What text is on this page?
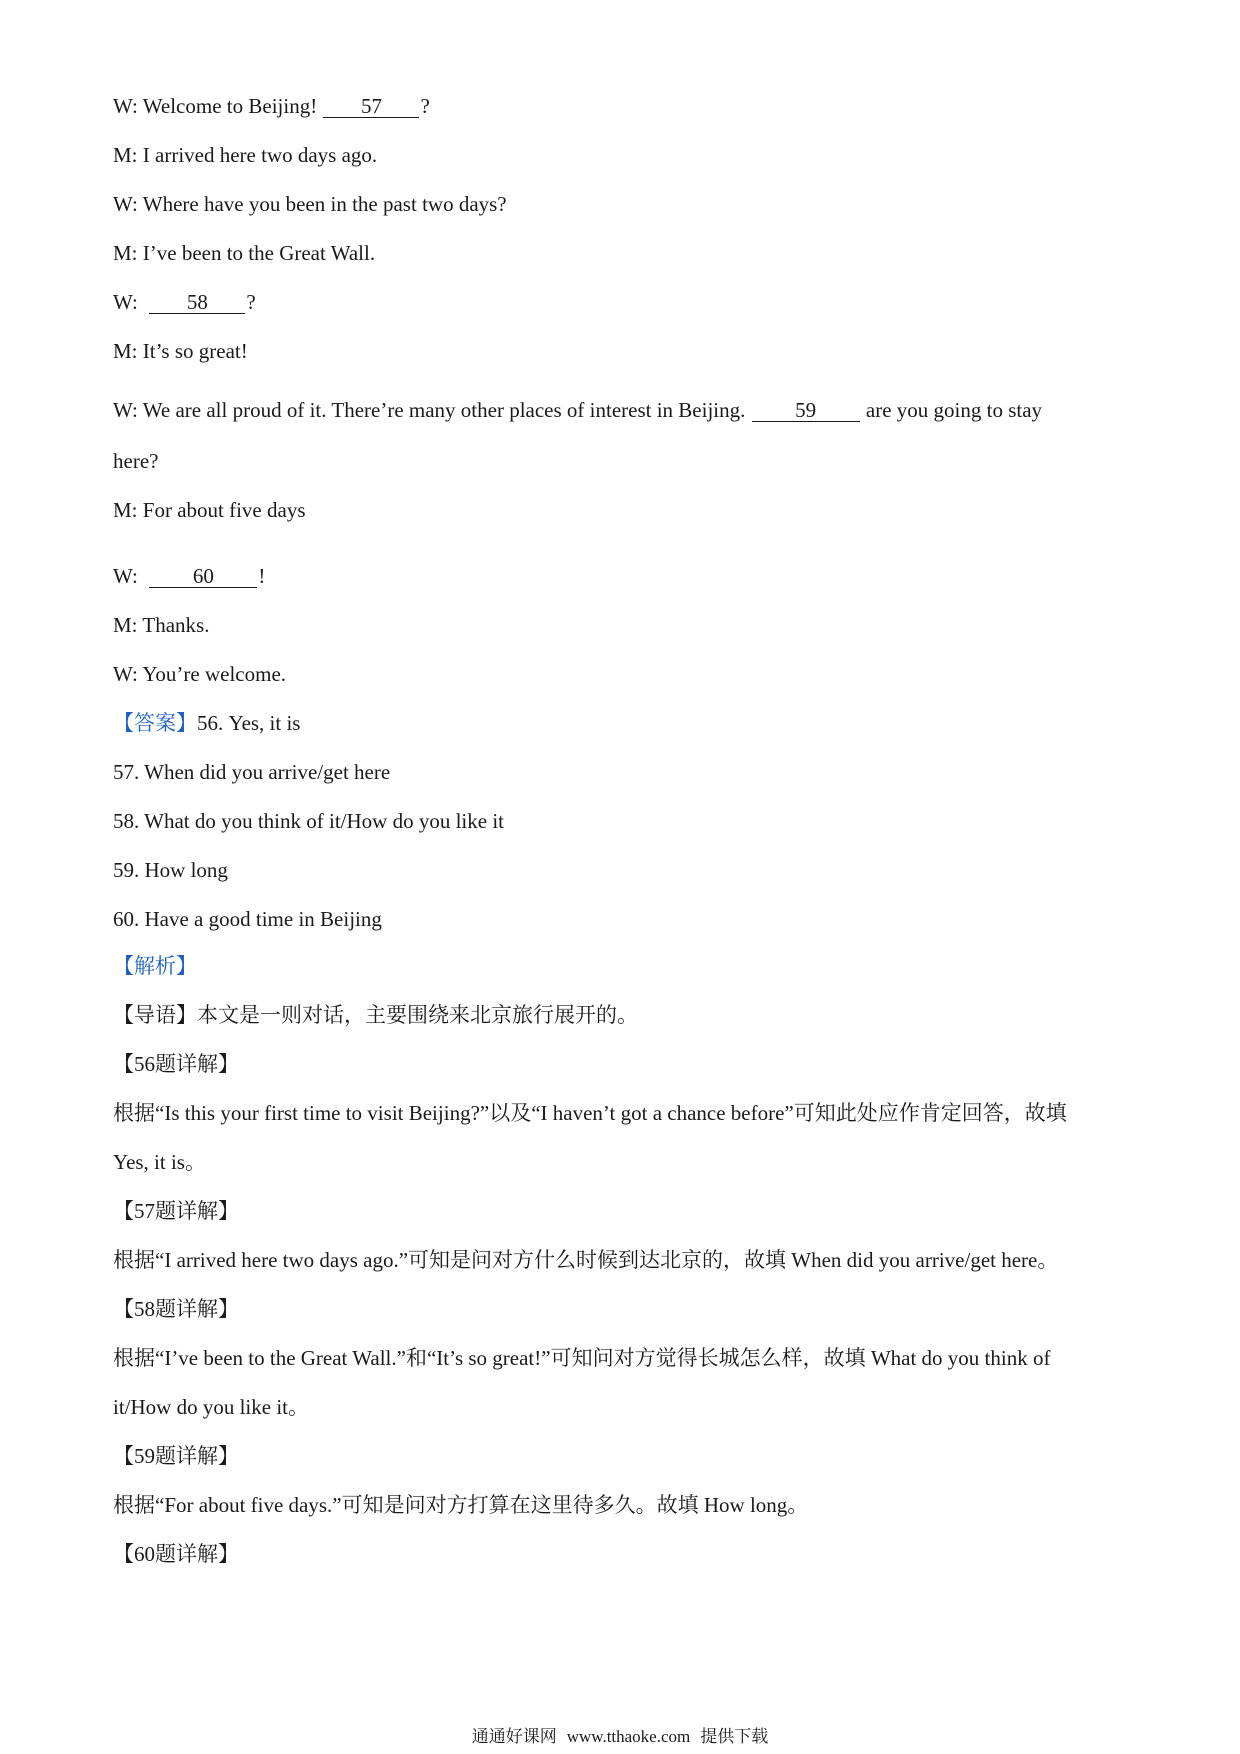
W: Welcome to Beijing! 57 ?
M: I arrived here two days ago.
W: Where have you been in the past two days?
M: I’ve been to the Great Wall.
W: 58 ?
M: It’s so great!
W: We are all proud of it. There’re many other places of interest in Beijing. 59 are you going to stay
here?
M: For about five days
W:	60 !
M: Thanks.
W: You’re welcome.
【答案】56. Yes, it is
57. When did you arrive/get here
58. What do you think of it/How do you like it
59. How long
60. Have a good time in Beijing
【解析】
【导语】本文是一则对话，主要围绕来北京旅行展开的。
【56题详解】
根据“Is this your first time to visit Beijing?”以及“I haven’t got a chance before”可知此处应作肯定回答，故填
Yes, it is。
【57题详解】
根据“I arrived here two days ago.”可知是问对方什么时候到达北京的，故填 When did you arrive/get here。
【58题详解】
根据“I’ve been to the Great Wall.”和“It’s so great!”可知问对方觉得长城怎么样，故填 What do you think of
it/How do you like it。
【59题详解】
根据“For about five days.”可知是问对方打算在这里待多久。故填 How long。
【60题详解】
通通好课网 www.tthaoke.com 提供下载
